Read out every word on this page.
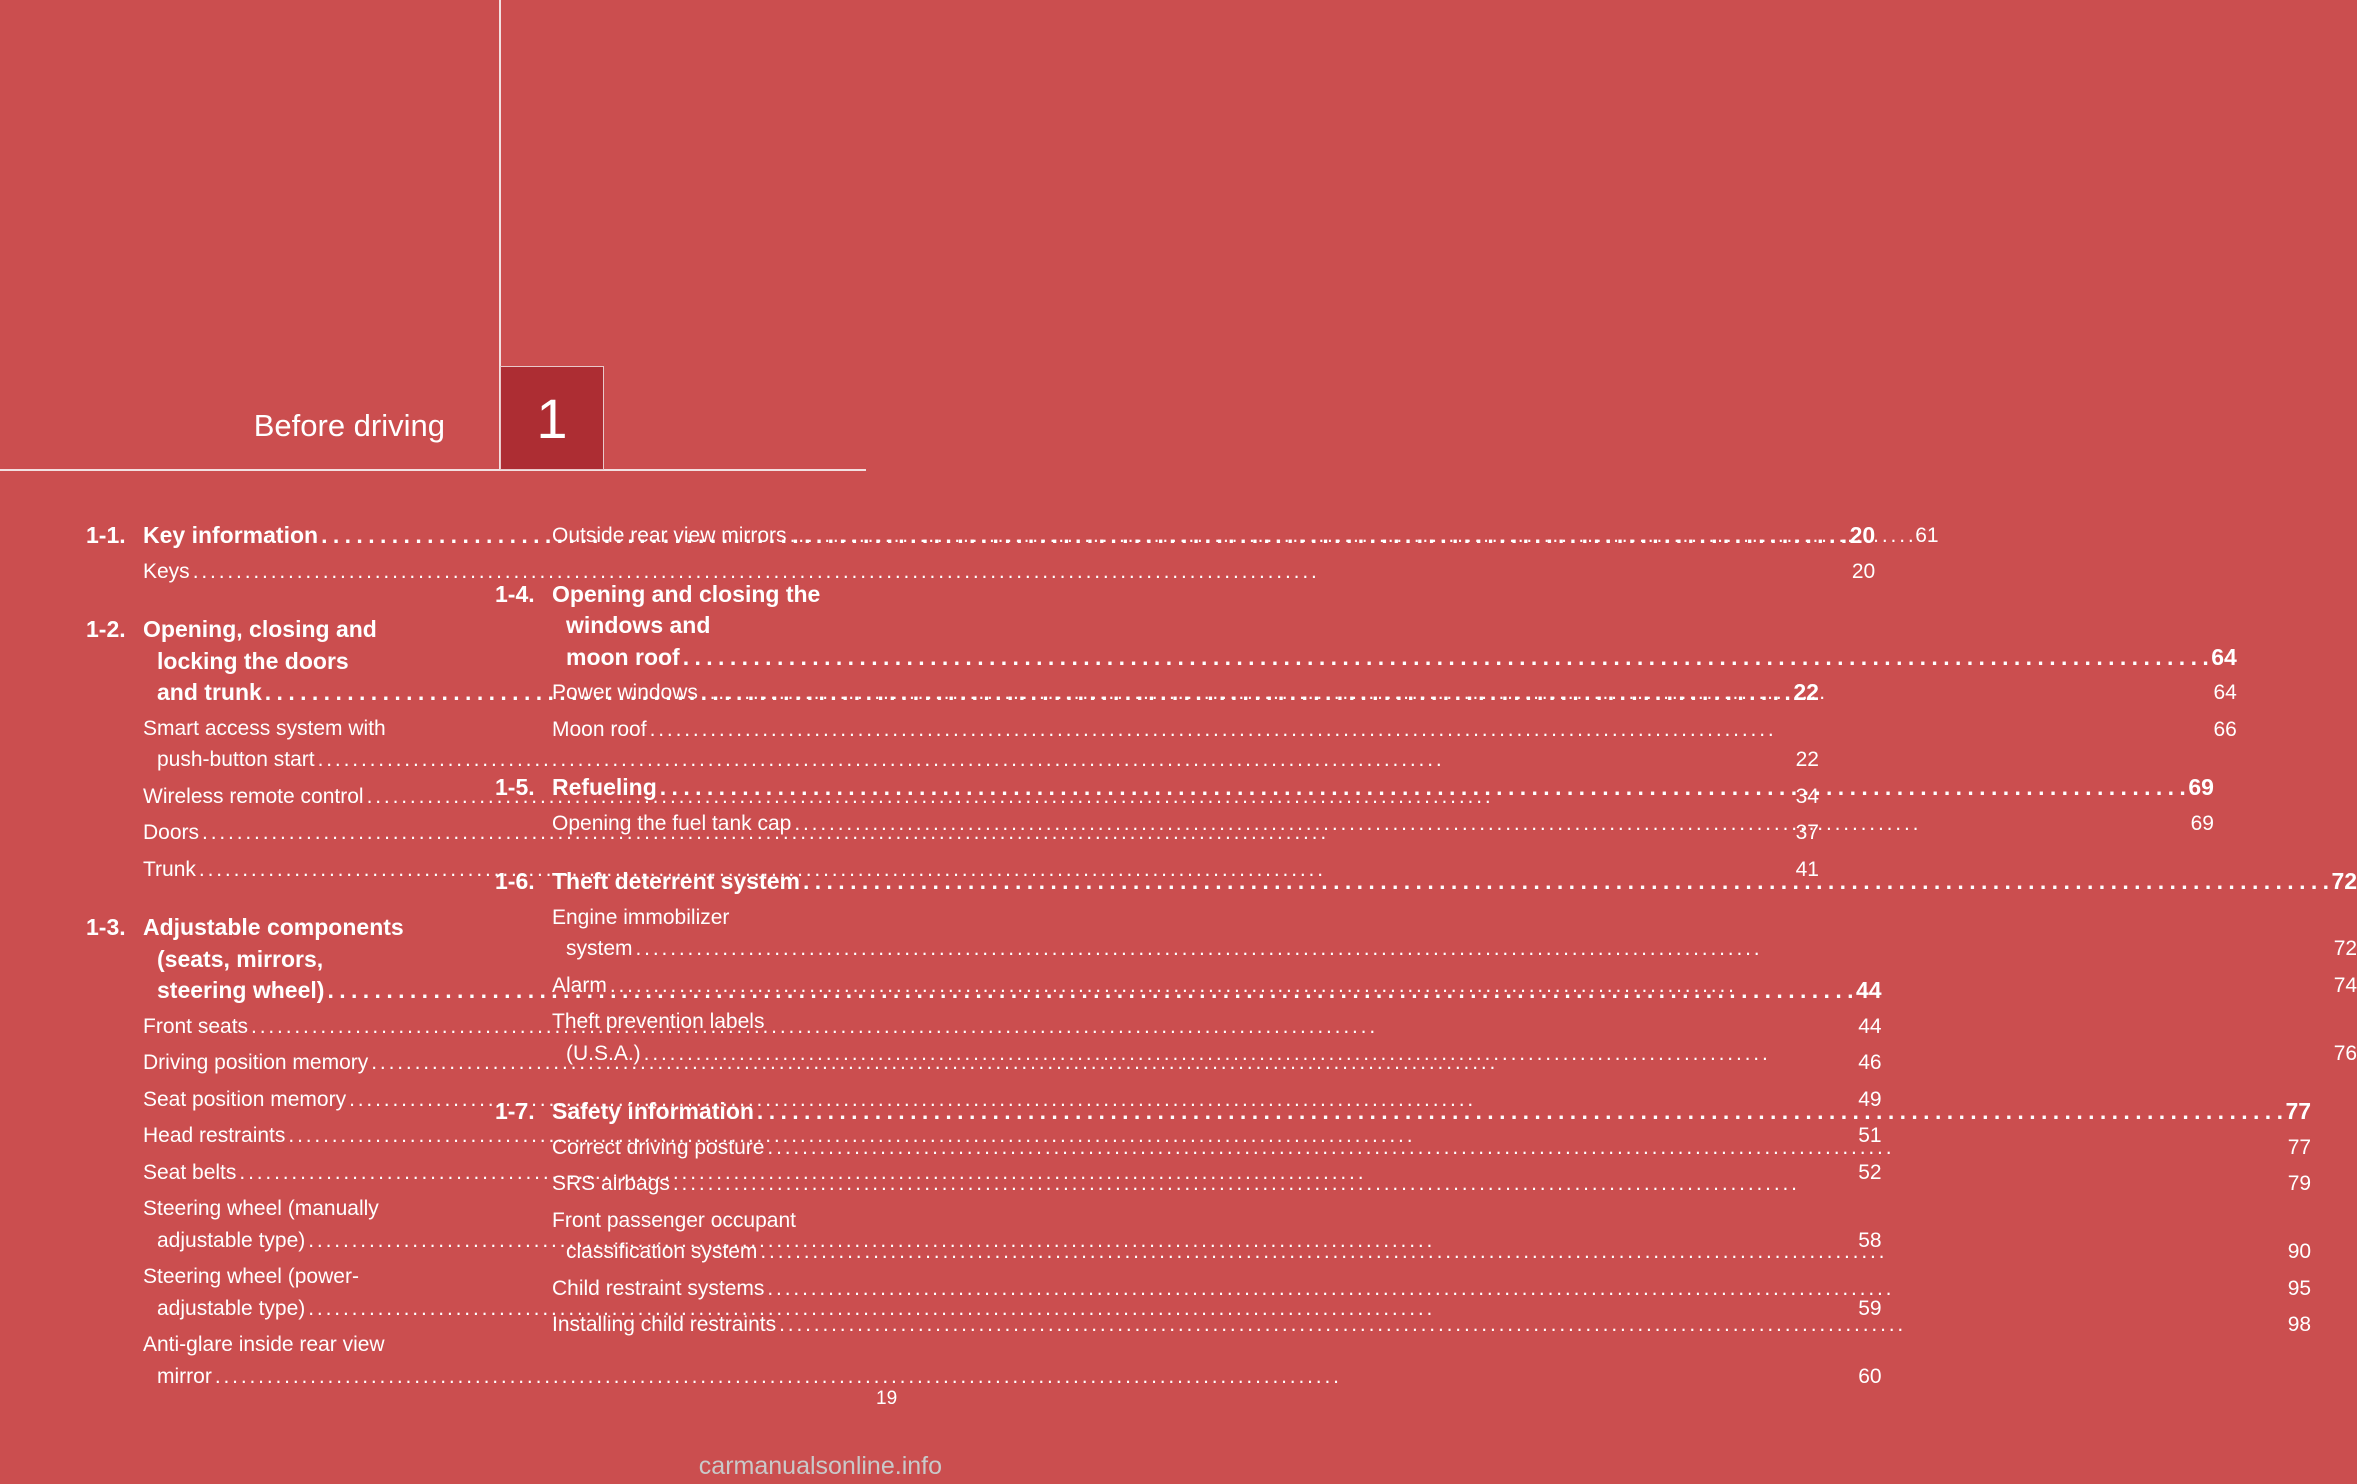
Before driving 1
1-1. Key information . . .	20
Keys . . .	20
1-2. Opening, closing and
locking the doors
and trunk . . .	22
Smart access system with
push-button start . . .	22
Wireless remote control . . .	34
Doors . . .	37
Trunk . . .	41
1-3. Adjustable components
(seats, mirrors,
steering wheel) . . .	44
Front seats . . .	44
Driving position memory . . .	46
Seat position memory . . .	49
Head restraints . . .	51
Seat belts . . .	52
Steering wheel (manually
adjustable type) . . .	58
Steering wheel (power-
adjustable type) . . .	59
Anti-glare inside rear view
mirror . . .	60
Outside rear view mirrors . . .	61
1-4. Opening and closing the
windows and
moon roof . . .	64
Power windows . . .	64
Moon roof . . .	66
1-5. Refueling . . .	69
Opening the fuel tank cap . . .	69
1-6. Theft deterrent system . . .	72
Engine immobilizer
system . . .	72
Alarm . . .	74
Theft prevention labels
(U.S.A.) . . .	76
1-7. Safety information . . .	77
Correct driving posture . . .	77
SRS airbags . . .	79
Front passenger occupant
classification system . . .	90
Child restraint systems . . .	95
Installing child restraints . . .	98
19
carmanualsonline.info
